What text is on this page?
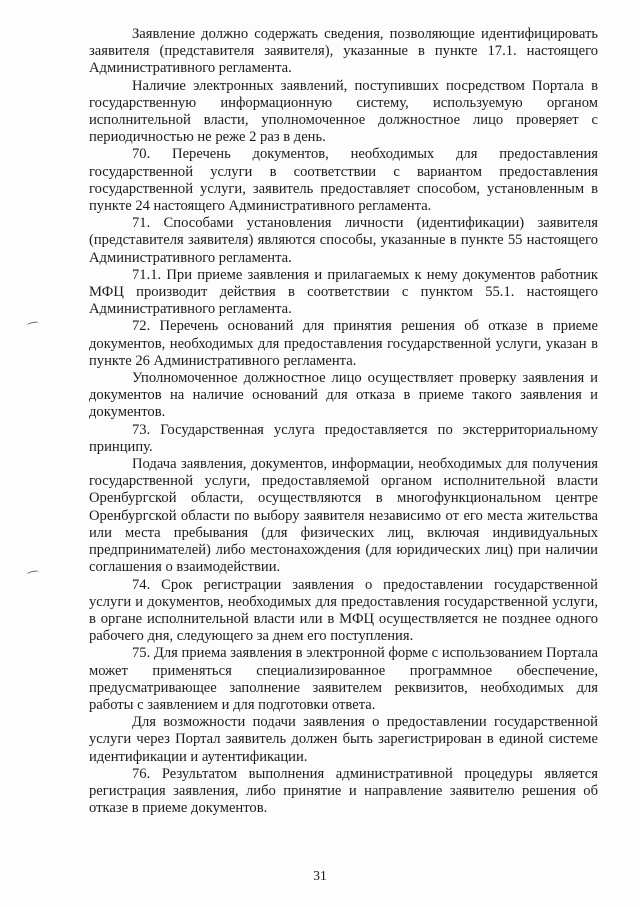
Заявление должно содержать сведения, позволяющие идентифицировать заявителя (представителя заявителя), указанные в пункте 17.1. настоящего Административного регламента.

Наличие электронных заявлений, поступивших посредством Портала в государственную информационную систему, используемую органом исполнительной власти, уполномоченное должностное лицо проверяет с периодичностью не реже 2 раз в день.

70. Перечень документов, необходимых для предоставления государственной услуги в соответствии с вариантом предоставления государственной услуги, заявитель предоставляет способом, установленным в пункте 24 настоящего Административного регламента.

71. Способами установления личности (идентификации) заявителя (представителя заявителя) являются способы, указанные в пункте 55 настоящего Административного регламента.

71.1. При приеме заявления и прилагаемых к нему документов работник МФЦ производит действия в соответствии с пунктом 55.1. настоящего Административного регламента.

72. Перечень оснований для принятия решения об отказе в приеме документов, необходимых для предоставления государственной услуги, указан в пункте 26 Административного регламента.

Уполномоченное должностное лицо осуществляет проверку заявления и документов на наличие оснований для отказа в приеме такого заявления и документов.

73. Государственная услуга предоставляется по экстерриториальному принципу.

Подача заявления, документов, информации, необходимых для получения государственной услуги, предоставляемой органом исполнительной власти Оренбургской области, осуществляются в многофункциональном центре Оренбургской области по выбору заявителя независимо от его места жительства или места пребывания (для физических лиц, включая индивидуальных предпринимателей) либо местонахождения (для юридических лиц) при наличии соглашения о взаимодействии.

74. Срок регистрации заявления о предоставлении государственной услуги и документов, необходимых для предоставления государственной услуги, в органе исполнительной власти или в МФЦ осуществляется не позднее одного рабочего дня, следующего за днем его поступления.

75. Для приема заявления в электронной форме с использованием Портала может применяться специализированное программное обеспечение, предусматривающее заполнение заявителем реквизитов, необходимых для работы с заявлением и для подготовки ответа.

Для возможности подачи заявления о предоставлении государственной услуги через Портал заявитель должен быть зарегистрирован в единой системе идентификации и аутентификации.

76. Результатом выполнения административной процедуры является регистрация заявления, либо принятие и направление заявителю решения об отказе в приеме документов.

31
